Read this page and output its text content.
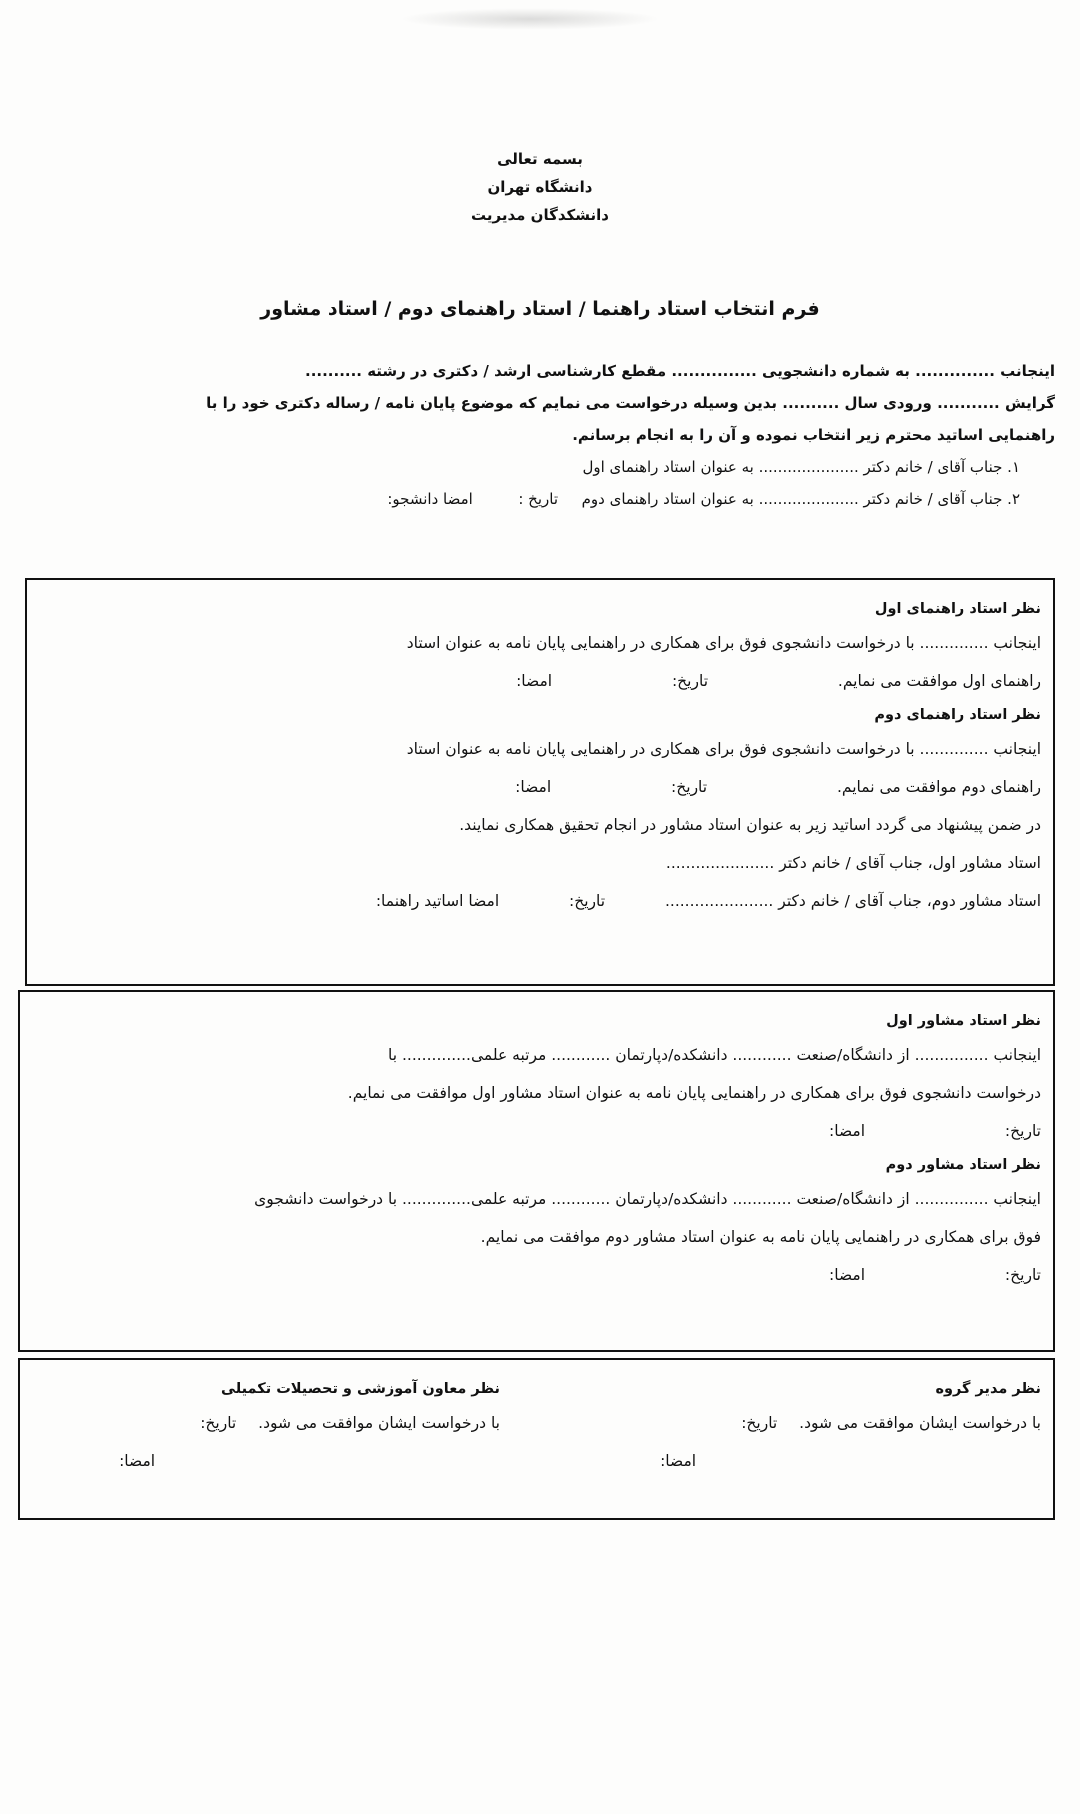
بسمه تعالی
دانشگاه تهران
دانشکدگان مدیریت
فرم انتخاب استاد راهنما / استاد راهنمای دوم / استاد مشاور

اینجانب .............. به شماره دانشجویی ............... مقطع کارشناسی ارشد / دکتری در رشته ..........

گرایش ........... ورودی سال .......... بدین وسیله درخواست می نمایم که موضوع پایان نامه / رساله دکتری خود را با

راهنمایی اساتید محترم زیر انتخاب نموده و آن را به انجام برسانم.

۱. جناب آقای / خانم دکتر ..................... به عنوان استاد راهنمای اول

۲. جناب آقای / خانم دکتر ..................... به عنوان استاد راهنمای دوم  تاریخ :  امضا دانشجو:

نظر استاد راهنمای اول

اینجانب .............. با درخواست دانشجوی فوق برای همکاری در راهنمایی پایان نامه به عنوان استاد

راهنمای اول موافقت می نمایم.  تاریخ:  امضا:

نظر استاد راهنمای دوم

اینجانب .............. با درخواست دانشجوی فوق برای همکاری در راهنمایی پایان نامه به عنوان استاد

راهنمای دوم موافقت می نمایم.  تاریخ:  امضا:

در ضمن پیشنهاد می گردد اساتید زیر به عنوان استاد مشاور در انجام تحقیق همکاری نمایند.

استاد مشاور اول، جناب آقای / خانم دکتر ......................

استاد مشاور دوم، جناب آقای / خانم دکتر ......................  تاریخ:  امضا اساتید راهنما:

نظر استاد مشاور اول

اینجانب ............... از دانشگاه/صنعت ............ دانشکده/دپارتمان ............ مرتبه علمی.............. با

درخواست دانشجوی فوق برای همکاری در راهنمایی پایان نامه به عنوان استاد مشاور اول موافقت می نمایم.

تاریخ:  امضا:

نظر استاد مشاور دوم

اینجانب ............... از دانشگاه/صنعت ............ دانشکده/دپارتمان ............ مرتبه علمی.............. با درخواست دانشجوی

فوق برای همکاری در راهنمایی پایان نامه به عنوان استاد مشاور دوم موافقت می نمایم.

تاریخ:  امضا:

نظر مدیر گروه

با درخواست ایشان موافقت می شود.  تاریخ:

امضا:

نظر معاون آموزشی و تحصیلات تکمیلی

با درخواست ایشان موافقت می شود.  تاریخ:

امضا:
